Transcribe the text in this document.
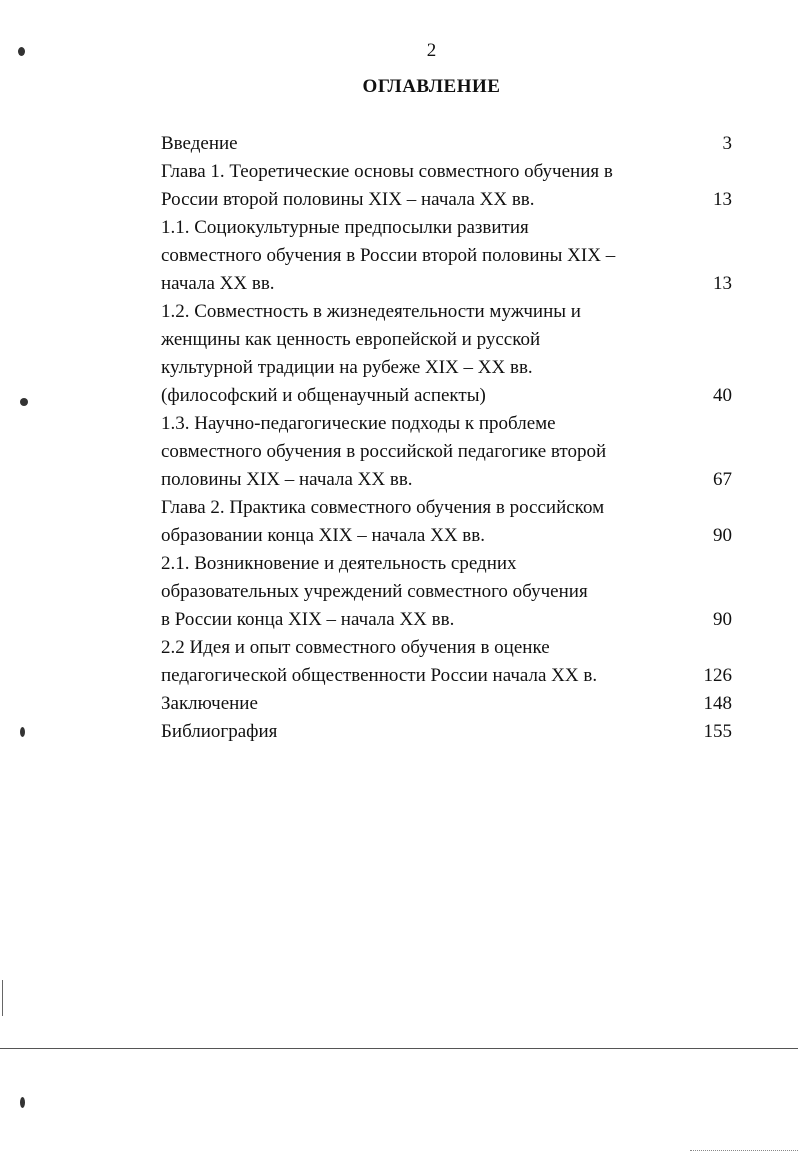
2
ОГЛАВЛЕНИЕ
Введение	3
Глава 1. Теоретические основы совместного обучения в
России второй половины XIX – начала XX вв.	13
1.1. Социокультурные предпосылки развития
совместного обучения в России второй половины XIX –
начала XX вв.	13
1.2. Совместность в жизнедеятельности мужчины и
женщины как ценность европейской и русской
культурной традиции на рубеже XIX – XX вв.
(философский и общенаучный аспекты)	40
1.3. Научно-педагогические подходы к проблеме
совместного обучения в российской педагогике второй
половины XIX – начала XX вв.	67
Глава 2. Практика совместного обучения в российском
образовании конца XIX – начала XX вв.	90
2.1. Возникновение и деятельность средних
образовательных учреждений совместного обучения
в России конца XIX – начала XX вв.	90
2.2 Идея и опыт совместного обучения в оценке
педагогической общественности России начала XX в.	126
Заключение	148
Библиография	155
